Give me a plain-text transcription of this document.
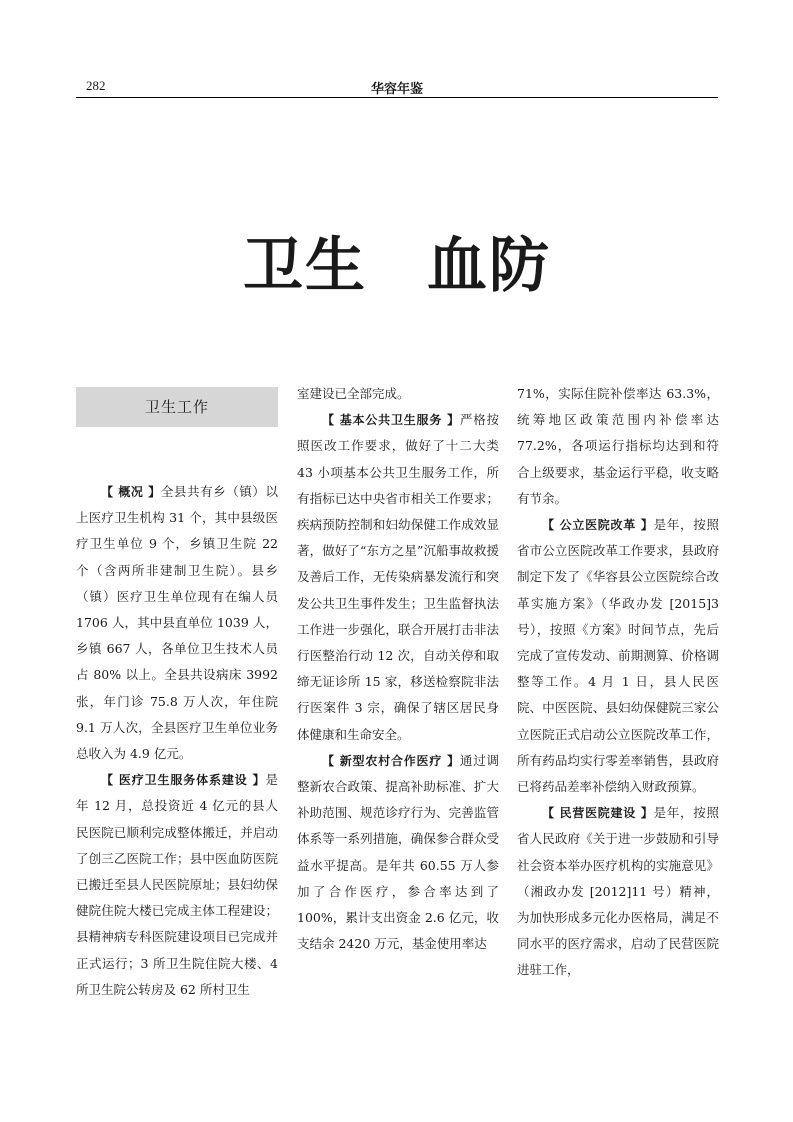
282	华容年鉴
卫生 血防
卫生工作

【 概况 】全县共有乡（镇）以上医疗卫生机构 31 个，其中县级医疗卫生单位 9 个，乡镇卫生院 22 个（含两所非建制卫生院）。县乡（镇）医疗卫生单位现有在编人员 1706 人，其中县直单位 1039 人，乡镇 667 人，各单位卫生技术人员占 80% 以上。全县共设病床 3992 张，年门诊 75.8 万人次，年住院 9.1 万人次，全县医疗卫生单位业务总收入为 4.9 亿元。

【 医疗卫生服务体系建设 】是年 12 月，总投资近 4 亿元的县人民医院已顺利完成整体搬迁，并启动了创三乙医院工作；县中医血防医院已搬迁至县人民医院原址；县妇幼保健院住院大楼已完成主体工程建设；县精神病专科医院建设项目已完成并正式运行；3 所卫生院住院大楼、4 所卫生院公转房及 62 所村卫生

室建设已全部完成。

【 基本公共卫生服务 】严格按照医改工作要求，做好了十二大类 43 小项基本公共卫生服务工作，所有指标已达中央省市相关工作要求；疾病预防控制和妇幼保健工作成效显著，做好了“东方之星”沉船事故救援及善后工作，无传染病暴发流行和突发公共卫生事件发生；卫生监督执法工作进一步强化，联合开展打击非法行医整治行动 12 次，自动关停和取缔无证诊所 15 家，移送检察院非法行医案件 3 宗，确保了辖区居民身体健康和生命安全。

【 新型农村合作医疗 】通过调整新农合政策、提高补助标准、扩大补助范围、规范诊疗行为、完善监管体系等一系列措施，确保参合群众受益水平提高。是年共 60.55 万人参加了合作医疗，参合率达到了 100%，累计支出资金 2.6 亿元，收支结余 2420 万元，基金使用率达

71%，实际住院补偿率达 63.3%，统筹地区政策范围内补偿率达 77.2%，各项运行指标均达到和符合上级要求，基金运行平稳，收支略有节余。

【 公立医院改革 】是年，按照省市公立医院改革工作要求，县政府制定下发了《华容县公立医院综合改革实施方案》（华政办发 [2015]3 号），按照《方案》时间节点，先后完成了宣传发动、前期测算、价格调整等工作。4 月 1 日，县人民医院、中医医院、县妇幼保健院三家公立医院正式启动公立医院改革工作，所有药品均实行零差率销售，县政府已将药品差率补偿纳入财政预算。

【 民营医院建设 】是年，按照省人民政府《关于进一步鼓励和引导社会资本举办医疗机构的实施意见》（湘政办发 [2012]11 号）精神，为加快形成多元化办医格局，满足不同水平的医疗需求，启动了民营医院进驻工作，
